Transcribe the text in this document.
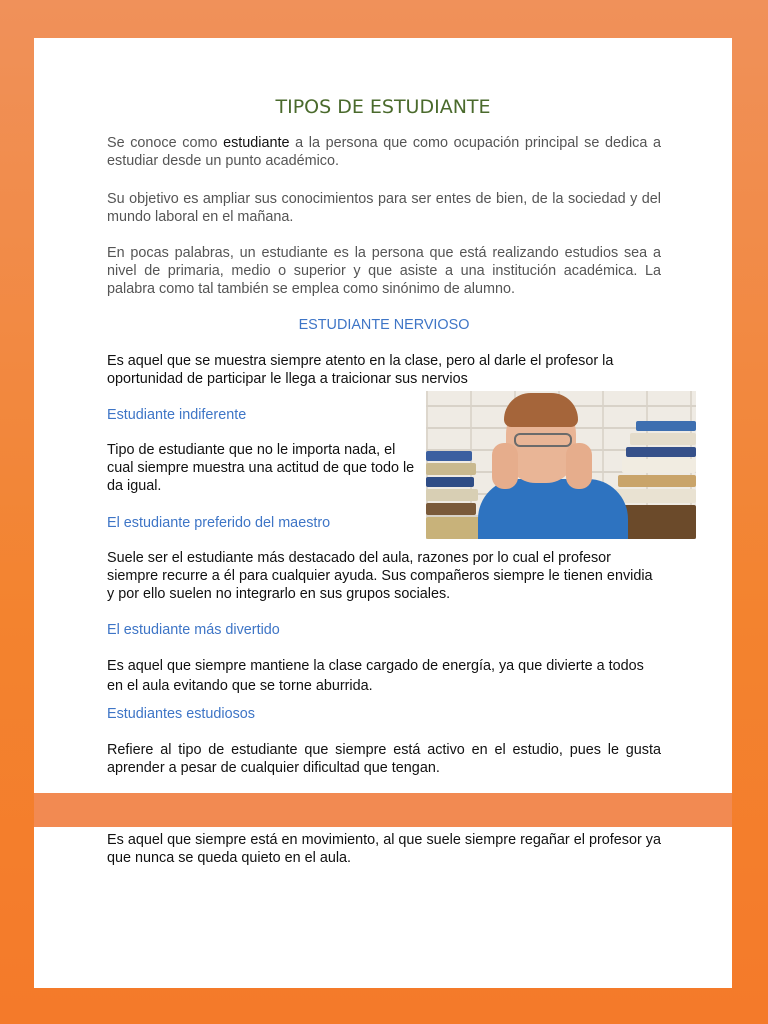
TIPOS DE ESTUDIANTE

Se conoce como estudiante a la persona que como ocupación principal se dedica a estudiar desde un punto académico.

Su objetivo es ampliar sus conocimientos para ser entes de bien, de la sociedad y del mundo laboral en el mañana.

En pocas palabras, un estudiante es la persona que está realizando estudios sea a nivel de primaria, medio o superior y que asiste a una institución académica. La palabra como tal también se emplea como sinónimo de alumno.

ESTUDIANTE NERVIOSO

Es aquel que se muestra siempre atento en la clase, pero al darle el profesor la oportunidad de participar le llega a traicionar sus nervios

Estudiante indiferente

Tipo de estudiante que no le importa nada, el cual siempre muestra una actitud de que todo le da igual.

El estudiante preferido del maestro

Suele ser el estudiante más destacado del aula, razones por lo cual el profesor siempre recurre a él para cualquier ayuda. Sus compañeros siempre le tienen envidia y por ello suelen no integrarlo en sus grupos sociales.

El estudiante más divertido

Es aquel que siempre mantiene la clase cargado de energía, ya que divierte a todos en el aula evitando que se torne aburrida.

Estudiantes estudiosos

Refiere al tipo de estudiante que siempre está activo en el estudio, pues le gusta aprender a pesar de cualquier dificultad que tengan.

Es aquel que siempre está en movimiento, al que suele siempre regañar el profesor ya que nunca se queda quieto en el aula.
